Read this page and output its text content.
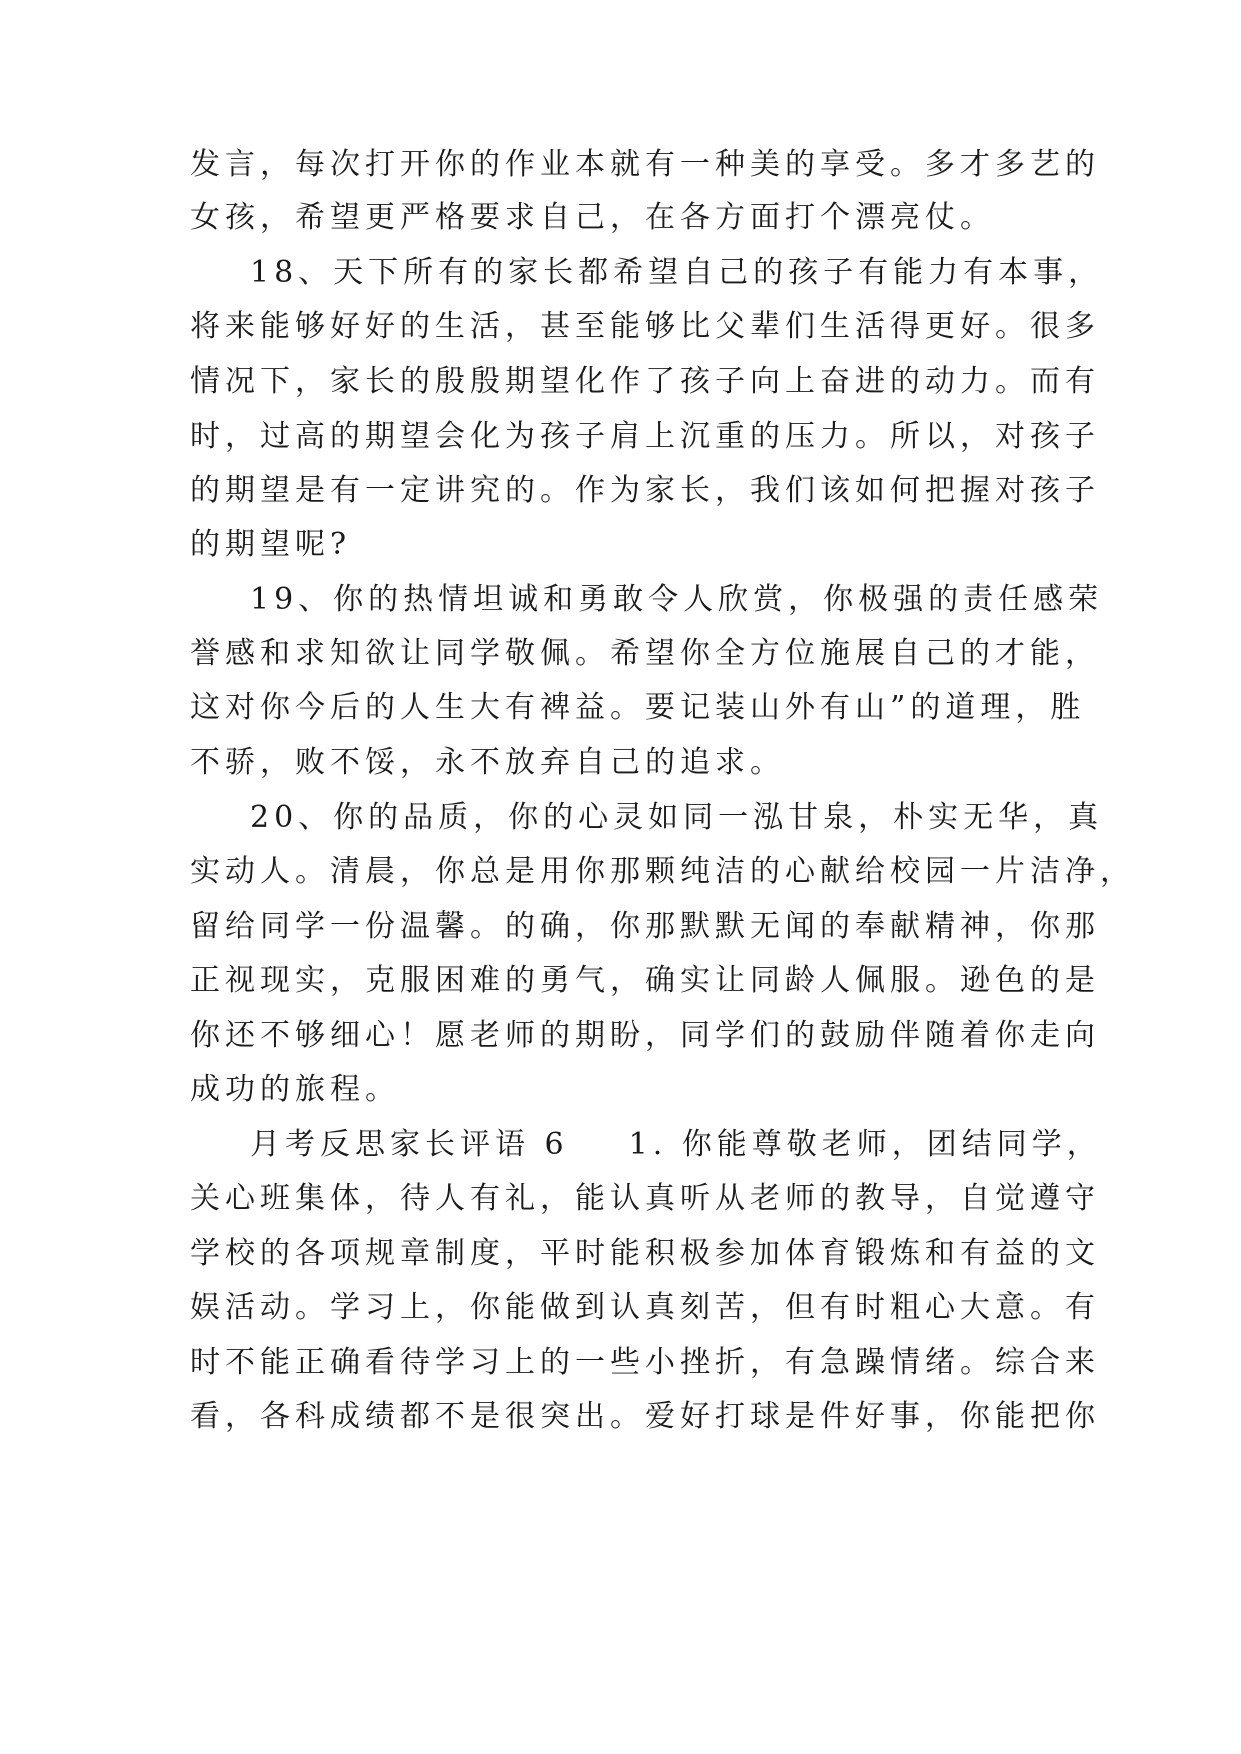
发言，每次打开你的作业本就有一种美的享受。多才多艺的
女孩，希望更严格要求自己，在各方面打个漂亮仗。
18、天下所有的家长都希望自己的孩子有能力有本事，
将来能够好好的生活，甚至能够比父辈们生活得更好。很多
情况下，家长的殷殷期望化作了孩子向上奋进的动力。而有
时，过高的期望会化为孩子肩上沉重的压力。所以，对孩子
的期望是有一定讲究的。作为家长，我们该如何把握对孩子
的期望呢?
19、你的热情坦诚和勇敢令人欣赏，你极强的责任感荣
誉感和求知欲让同学敬佩。希望你全方位施展自己的才能，
这对你今后的人生大有裨益。要记装山外有山”的道理，胜
不骄，败不馁，永不放弃自己的追求。
20、你的品质，你的心灵如同一泓甘泉，朴实无华，真
实动人。清晨，你总是用你那颗纯洁的心献给校园一片洁净，
留给同学一份温馨。的确，你那默默无闻的奉献精神，你那
正视现实，克服困难的勇气，确实让同龄人佩服。逊色的是
你还不够细心！愿老师的期盼，同学们的鼓励伴随着你走向
成功的旅程。
月考反思家长评语 6 1. 你能尊敬老师，团结同学，
关心班集体，待人有礼，能认真听从老师的教导，自觉遵守
学校的各项规章制度，平时能积极参加体育锻炼和有益的文
娱活动。学习上，你能做到认真刻苦，但有时粗心大意。有
时不能正确看待学习上的一些小挫折，有急躁情绪。综合来
看，各科成绩都不是很突出。爱好打球是件好事，你能把你
